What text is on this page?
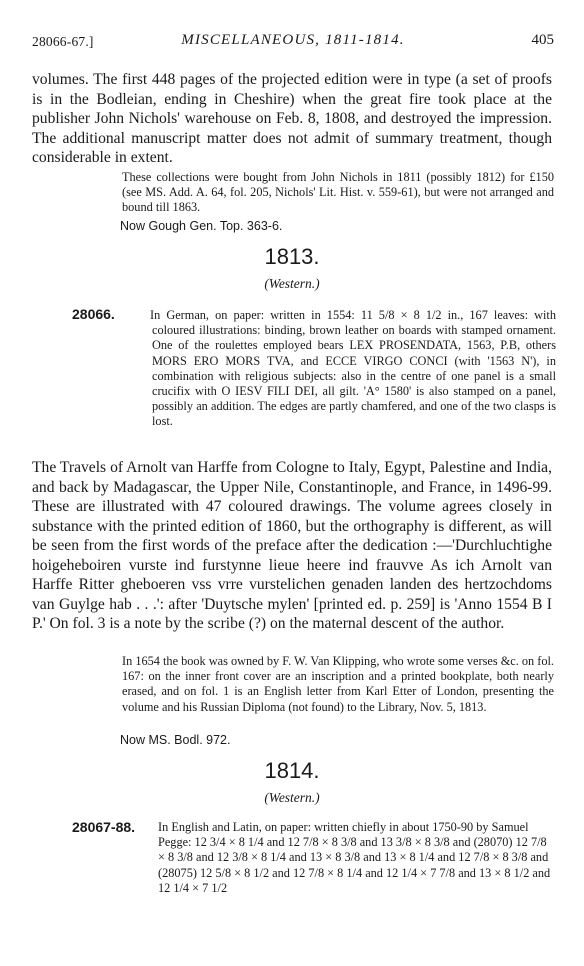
28066-67.]	MISCELLANEOUS, 1811-1814.	405

volumes. The first 448 pages of the projected edition were in type (a set of proofs is in the Bodleian, ending in Cheshire) when the great fire took place at the publisher John Nichols' warehouse on Feb. 8, 1808, and destroyed the impression. The additional manuscript matter does not admit of summary treatment, though considerable in extent.

These collections were bought from John Nichols in 1811 (possibly 1812) for £150 (see MS. Add. A. 64, fol. 205, Nichols' Lit. Hist. v. 559-61), but were not arranged and bound till 1863.

Now Gough Gen. Top. 363-6.

1813.
(Western.)

28066.	In German, on paper: written in 1554: 11 5/8 × 8 1/2 in., 167 leaves: with coloured illustrations: binding, brown leather on boards with stamped ornament. One of the roulettes employed bears LEX PROSENDATA, 1563, P.B, others MORS ERO MORS TVA, and ECCE VIRGO CONCI (with '1563 N'), in combination with religious subjects: also in the centre of one panel is a small crucifix with O IESV FILI DEI, all gilt. 'A° 1580' is also stamped on a panel, possibly an addition. The edges are partly chamfered, and one of the two clasps is lost.

The Travels of Arnolt van Harffe from Cologne to Italy, Egypt, Palestine and India, and back by Madagascar, the Upper Nile, Constantinople, and France, in 1496-99. These are illustrated with 47 coloured drawings. The volume agrees closely in substance with the printed edition of 1860, but the orthography is different, as will be seen from the first words of the preface after the dedication :—'Durchluchtighe hoigeheboiren vurste ind furstynne lieue heere ind frauvve As ich Arnolt van Harffe Ritter gheboeren vss vrre vurstelichen genaden landen des hertzochdoms van Guylge hab . . .': after 'Duytsche mylen' [printed ed. p. 259] is 'Anno 1554 B I P.' On fol. 3 is a note by the scribe (?) on the maternal descent of the author.

In 1654 the book was owned by F. W. Van Klipping, who wrote some verses &c. on fol. 167: on the inner front cover are an inscription and a printed bookplate, both nearly erased, and on fol. 1 is an English letter from Karl Etter of London, presenting the volume and his Russian Diploma (not found) to the Library, Nov. 5, 1813.

Now MS. Bodl. 972.

1814.
(Western.)
28067-88. In English and Latin, on paper: written chiefly in about 1750-90 by Samuel Pegge: 12 3/4 × 8 1/4 and 12 7/8 × 8 3/8 and 13 3/8 × 8 3/8 and (28070) 12 7/8 × 8 3/8 and 12 3/8 × 8 1/4 and 13 × 8 3/8 and 13 × 8 1/4 and 12 7/8 × 8 3/8 and (28075) 12 5/8 × 8 1/2 and 12 7/8 × 8 1/4 and 12 1/4 × 7 7/8 and 13 × 8 1/2 and 12 1/4 × 7 1/2
